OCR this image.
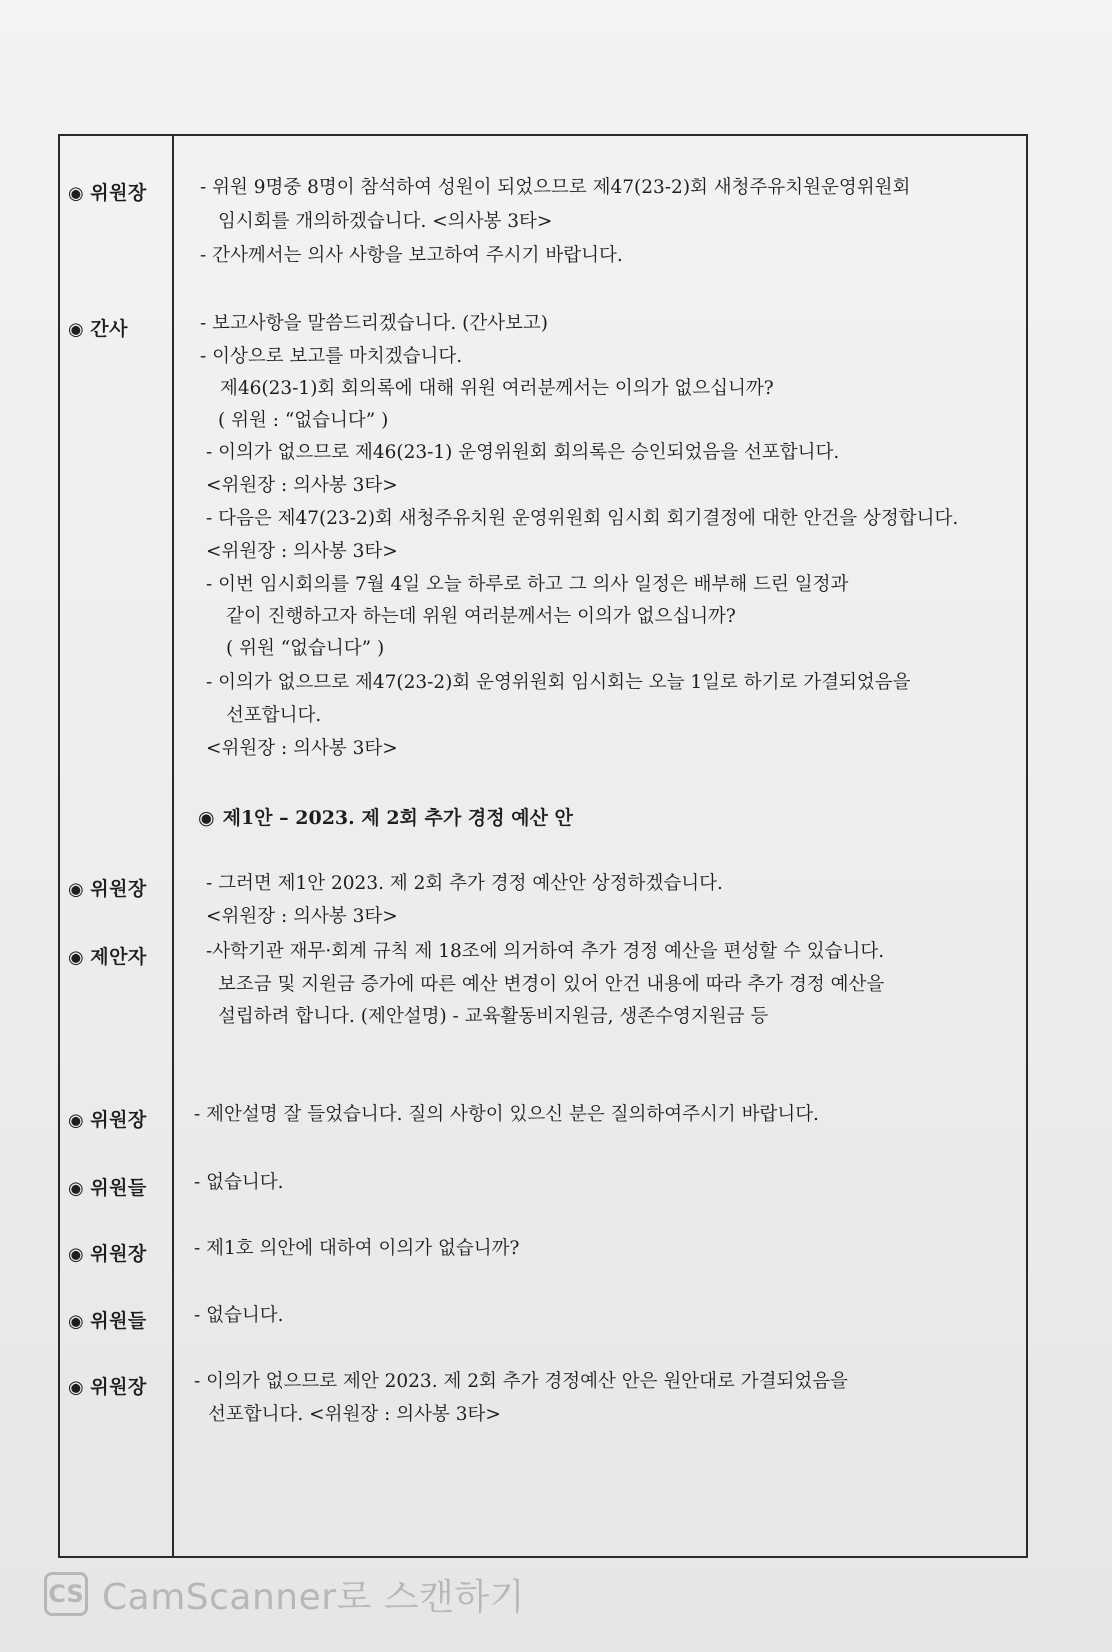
◉ 위원장	- 위원 9명중 8명이 참석하여 성원이 되었으므로 제47(23-2)회 새청주유치원운영위원회
임시회를 개의하겠습니다. <의사봉 3타>
- 간사께서는 의사 사항을 보고하여 주시기 바랍니다.
◉ 간사	- 보고사항을 말씀드리겠습니다. (간사보고)
- 이상으로 보고를 마치겠습니다.
제46(23-1)회 회의록에 대해 위원 여러분께서는 이의가 없으십니까?
( 위원 : “없습니다” )
- 이의가 없으므로 제46(23-1) 운영위원회 회의록은 승인되었음을 선포합니다.
<위원장 : 의사봉 3타>
- 다음은 제47(23-2)회 새청주유치원 운영위원회 임시회 회기결정에 대한 안건을 상정합니다.
<위원장 : 의사봉 3타>
- 이번 임시회의를 7월 4일 오늘 하루로 하고 그 의사 일정은 배부해 드린 일정과
같이 진행하고자 하는데 위원 여러분께서는 이의가 없으십니까?
( 위원 “없습니다” )
- 이의가 없으므로 제47(23-2)회 운영위원회 임시회는 오늘 1일로 하기로 가결되었음을
선포합니다.
<위원장 : 의사봉 3타>
◉ 제1안 – 2023. 제 2회 추가 경정 예산 안
◉ 위원장	- 그러면 제1안 2023. 제 2회 추가 경정 예산안 상정하겠습니다.
<위원장 : 의사봉 3타>
◉ 제안자	-사학기관 재무·회계 규칙 제 18조에 의거하여 추가 경정 예산을 편성할 수 있습니다.
보조금 및 지원금 증가에 따른 예산 변경이 있어 안건 내용에 따라 추가 경정 예산을
설립하려 합니다. (제안설명) - 교육활동비지원금, 생존수영지원금 등
◉ 위원장	- 제안설명 잘 들었습니다. 질의 사항이 있으신 분은 질의하여주시기 바랍니다.
◉ 위원들	- 없습니다.
◉ 위원장	- 제1호 의안에 대하여 이의가 없습니까?
◉ 위원들	- 없습니다.
◉ 위원장	- 이의가 없으므로 제안 2023. 제 2회 추가 경정예산 안은 원안대로 가결되었음을
선포합니다. <위원장 : 의사봉 3타>
CS CamScanner로 스캔하기
